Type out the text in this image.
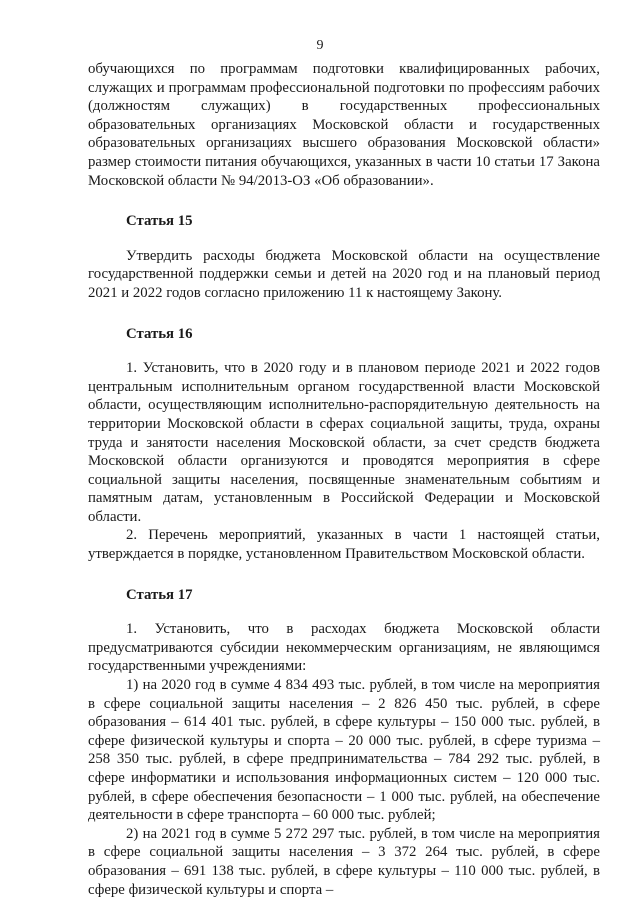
9

обучающихся по программам подготовки квалифицированных рабочих, служащих и программам профессиональной подготовки по профессиям рабочих (должностям служащих) в государственных профессиональных образовательных организациях Московской области и государственных образовательных организациях высшего образования Московской области» размер стоимости питания обучающихся, указанных в части 10 статьи 17 Закона Московской области № 94/2013-ОЗ «Об образовании».

Статья 15

Утвердить расходы бюджета Московской области на осуществление государственной поддержки семьи и детей на 2020 год и на плановый период 2021 и 2022 годов согласно приложению 11 к настоящему Закону.

Статья 16

1. Установить, что в 2020 году и в плановом периоде 2021 и 2022 годов центральным исполнительным органом государственной власти Московской области, осуществляющим исполнительно-распорядительную деятельность на территории Московской области в сферах социальной защиты, труда, охраны труда и занятости населения Московской области, за счет средств бюджета Московской области организуются и проводятся мероприятия в сфере социальной защиты населения, посвященные знаменательным событиям и памятным датам, установленным в Российской Федерации и Московской области.

2. Перечень мероприятий, указанных в части 1 настоящей статьи, утверждается в порядке, установленном Правительством Московской области.

Статья 17

1. Установить, что в расходах бюджета Московской области предусматриваются субсидии некоммерческим организациям, не являющимся государственными учреждениями:

1) на 2020 год в сумме 4 834 493 тыс. рублей, в том числе на мероприятия в сфере социальной защиты населения – 2 826 450 тыс. рублей, в сфере образования – 614 401 тыс. рублей, в сфере культуры – 150 000 тыс. рублей, в сфере физической культуры и спорта – 20 000 тыс. рублей, в сфере туризма – 258 350 тыс. рублей, в сфере предпринимательства – 784 292 тыс. рублей, в сфере информатики и использования информационных систем – 120 000 тыс. рублей, в сфере обеспечения безопасности – 1 000 тыс. рублей, на обеспечение деятельности в сфере транспорта – 60 000 тыс. рублей;

2) на 2021 год в сумме 5 272 297 тыс. рублей, в том числе на мероприятия в сфере социальной защиты населения – 3 372 264 тыс. рублей, в сфере образования – 691 138 тыс. рублей, в сфере культуры – 110 000 тыс. рублей, в сфере физической культуры и спорта –
